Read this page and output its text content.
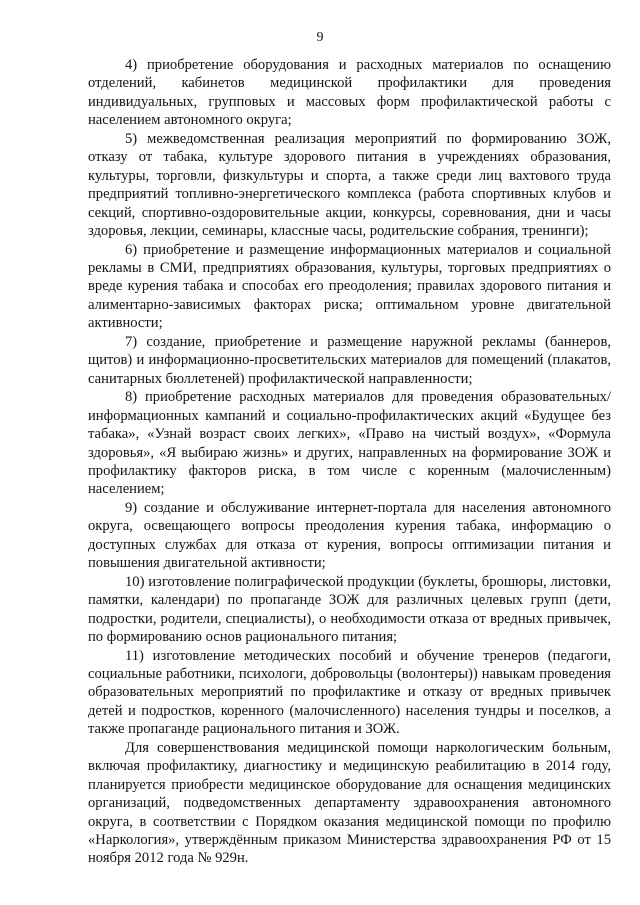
9

4) приобретение оборудования и расходных материалов по оснащению отделений, кабинетов медицинской профилактики для проведения индивидуальных, групповых и массовых форм профилактической работы с населением автономного округа;

5) межведомственная реализация мероприятий по формированию ЗОЖ, отказу от табака, культуре здорового питания в учреждениях образования, культуры, торговли, физкультуры и спорта, а также среди лиц вахтового труда предприятий топливно-энергетического комплекса (работа спортивных клубов и секций, спортивно-оздоровительные акции, конкурсы, соревнования, дни и часы здоровья, лекции, семинары, классные часы, родительские собрания, тренинги);

6) приобретение и размещение информационных материалов и социальной рекламы в СМИ, предприятиях образования, культуры, торговых предприятиях о вреде курения табака и способах его преодоления; правилах здорового питания и алиментарно-зависимых факторах риска; оптимальном уровне двигательной активности;

7) создание, приобретение и размещение наружной рекламы (баннеров, щитов) и информационно-просветительских материалов для помещений (плакатов, санитарных бюллетеней) профилактической направленности;

8) приобретение расходных материалов для проведения образовательных/информационных кампаний и социально-профилактических акций «Будущее без табака», «Узнай возраст своих легких», «Право на чистый воздух», «Формула здоровья», «Я выбираю жизнь» и других, направленных на формирование ЗОЖ и профилактику факторов риска, в том числе с коренным (малочисленным) населением;

9) создание и обслуживание интернет-портала для населения автономного округа, освещающего вопросы преодоления курения табака, информацию о доступных службах для отказа от курения, вопросы оптимизации питания и повышения двигательной активности;

10) изготовление полиграфической продукции (буклеты, брошюры, листовки, памятки, календари) по пропаганде ЗОЖ для различных целевых групп (дети, подростки, родители, специалисты), о необходимости отказа от вредных привычек, по формированию основ рационального питания;

11) изготовление методических пособий и обучение тренеров (педагоги, социальные работники, психологи, добровольцы (волонтеры)) навыкам проведения образовательных мероприятий по профилактике и отказу от вредных привычек детей и подростков, коренного (малочисленного) населения тундры и поселков, а также пропаганде рационального питания и ЗОЖ.

Для совершенствования медицинской помощи наркологическим больным, включая профилактику, диагностику и медицинскую реабилитацию в 2014 году, планируется приобрести медицинское оборудование для оснащения медицинских организаций, подведомственных департаменту здравоохранения автономного округа, в соответствии с Порядком оказания медицинской помощи по профилю «Наркология», утверждённым приказом Министерства здравоохранения РФ от 15 ноября 2012 года № 929н.
